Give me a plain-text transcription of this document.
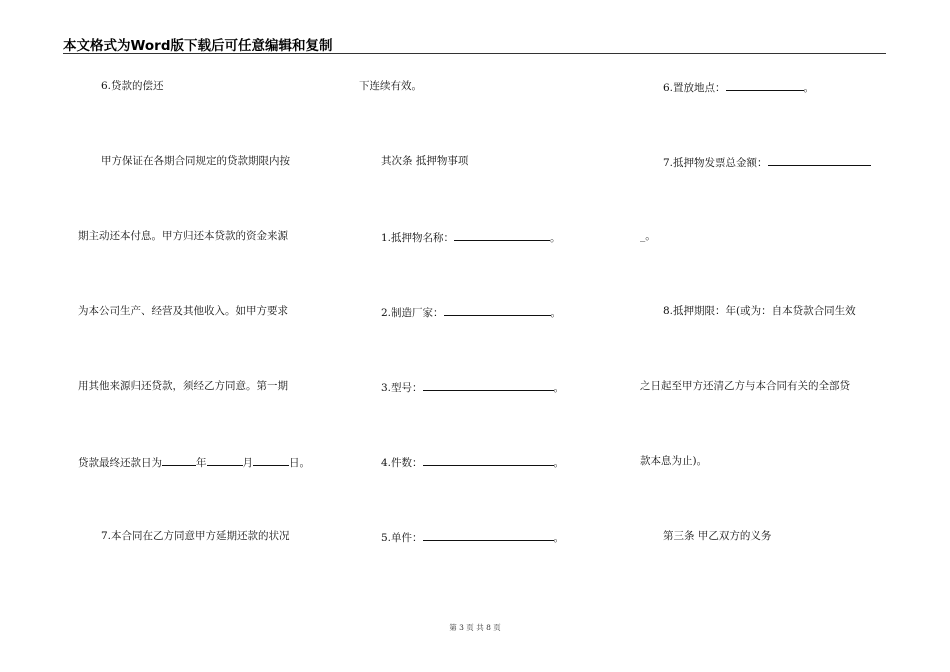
本文格式为Word版下载后可任意编辑和复制
6.贷款的偿还
甲方保证在各期合同规定的贷款期限内按
期主动还本付息。甲方归还本贷款的资金来源
为本公司生产、经营及其他收入。如甲方要求
用其他来源归还贷款，须经乙方同意。第一期
贷款最终还款日为	年	月	日。
7.本合同在乙方同意甲方延期还款的状况
下连续有效。
其次条 抵押物事项
1.抵押物名称：	。
2.制造厂家：	。
3.型号：	。
4.件数：	。
5.单件：	。
6.置放地点：	。
7.抵押物发票总金额：
_。
8.抵押期限：年(或为：自本贷款合同生效
之日起至甲方还清乙方与本合同有关的全部贷
款本息为止)。
第三条 甲乙双方的义务
第 3 页 共 8 页
